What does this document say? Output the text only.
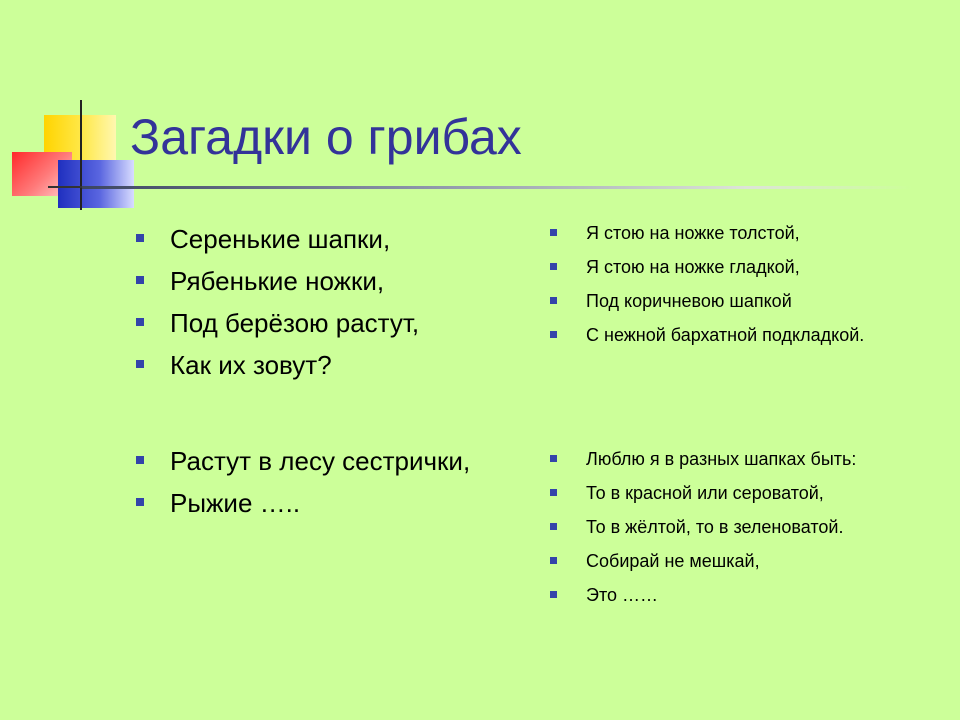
Загадки о грибах
Серенькие шапки,
Рябенькие ножки,
Под берёзою растут,
Как их зовут?
Растут в лесу сестрички,
Рыжие …..
Я стою на ножке толстой,
Я стою на ножке гладкой,
Под коричневою шапкой
С нежной бархатной подкладкой.
Люблю я в разных шапках быть:
То в красной или сероватой,
То в жёлтой, то в зеленоватой.
Собирай не мешкай,
Это ……
